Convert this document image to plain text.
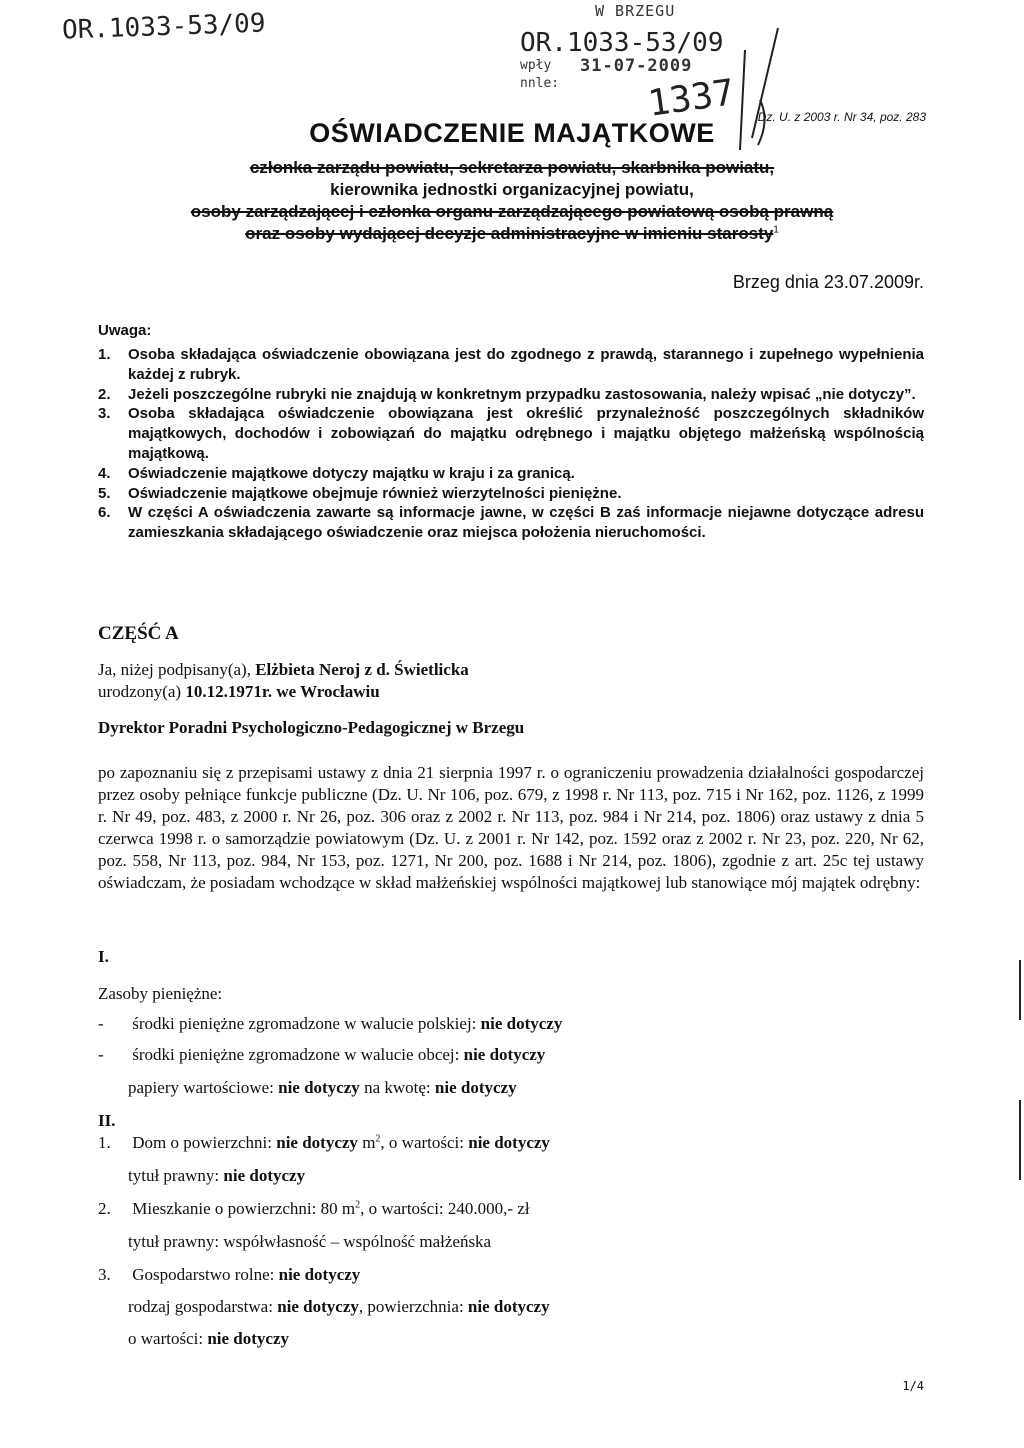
OR.1033-53/09	W BRZEGU
OR.1033-53/09
wpły 31-07-2009
nnle: 1337 Dz. U. z 2003 r. Nr 34, poz. 283
OŚWIADCZENIE MAJĄTKOWE
członka zarządu powiatu, sekretarza powiatu, skarbnika powiatu,
kierownika jednostki organizacyjnej powiatu,
osoby zarządzającej i członka organu zarządzającego powiatową osobą prawną
oraz osoby wydającej decyzje administracyjne w imieniu starosty$^1$
Brzeg dnia 23.07.2009r.
Uwaga:
1.	Osoba składająca oświadczenie obowiązana jest do zgodnego z prawdą, starannego i zupełnego wypełnienia każdej z rubryk.
2.	Jeżeli poszczególne rubryki nie znajdują w konkretnym przypadku zastosowania, należy wpisać „nie dotyczy”.
3.	Osoba składająca oświadczenie obowiązana jest określić przynależność poszczególnych składników majątkowych, dochodów i zobowiązań do majątku odrębnego i majątku objętego małżeńską wspólnością majątkową.
4.	Oświadczenie majątkowe dotyczy majątku w kraju i za granicą.
5.	Oświadczenie majątkowe obejmuje również wierzytelności pieniężne.
6.	W części A oświadczenia zawarte są informacje jawne, w części B zaś informacje niejawne dotyczące adresu zamieszkania składającego oświadczenie oraz miejsca położenia nieruchomości.
CZĘŚĆ A
Ja, niżej podpisany(a), Elżbieta Neroj z d. Świetlicka
urodzony(a) 10.12.1971r. we Wrocławiu
Dyrektor Poradni Psychologiczno-Pedagogicznej w Brzegu
po zapoznaniu się z przepisami ustawy z dnia 21 sierpnia 1997 r. o ograniczeniu prowadzenia działalności gospodarczej przez osoby pełniące funkcje publiczne (Dz. U. Nr 106, poz. 679, z 1998 r. Nr 113, poz. 715 i Nr 162, poz. 1126, z 1999 r. Nr 49, poz. 483, z 2000 r. Nr 26, poz. 306 oraz z 2002 r. Nr 113, poz. 984 i Nr 214, poz. 1806) oraz ustawy z dnia 5 czerwca 1998 r. o samorządzie powiatowym (Dz. U. z 2001 r. Nr 142, poz. 1592 oraz z 2002 r. Nr 23, poz. 220, Nr 62, poz. 558, Nr 113, poz. 984, Nr 153, poz. 1271, Nr 200, poz. 1688 i Nr 214, poz. 1806), zgodnie z art. 25c tej ustawy oświadczam, że posiadam wchodzące w skład małżeńskiej wspólności majątkowej lub stanowiące mój majątek odrębny:
I.
Zasoby pieniężne:
- środki pieniężne zgromadzone w walucie polskiej: nie dotyczy
- środki pieniężne zgromadzone w walucie obcej: nie dotyczy
papiery wartościowe: nie dotyczy na kwotę: nie dotyczy
II.
1. Dom o powierzchni: nie dotyczy $m^2$, o wartości: nie dotyczy
tytuł prawny: nie dotyczy
2. Mieszkanie o powierzchni: 80 $m^2$, o wartości: 240.000,- zł
tytuł prawny: współwłasność – wspólność małżeńska
3. Gospodarstwo rolne: nie dotyczy
rodzaj gospodarstwa: nie dotyczy, powierzchnia: nie dotyczy
o wartości: nie dotyczy
1/4
